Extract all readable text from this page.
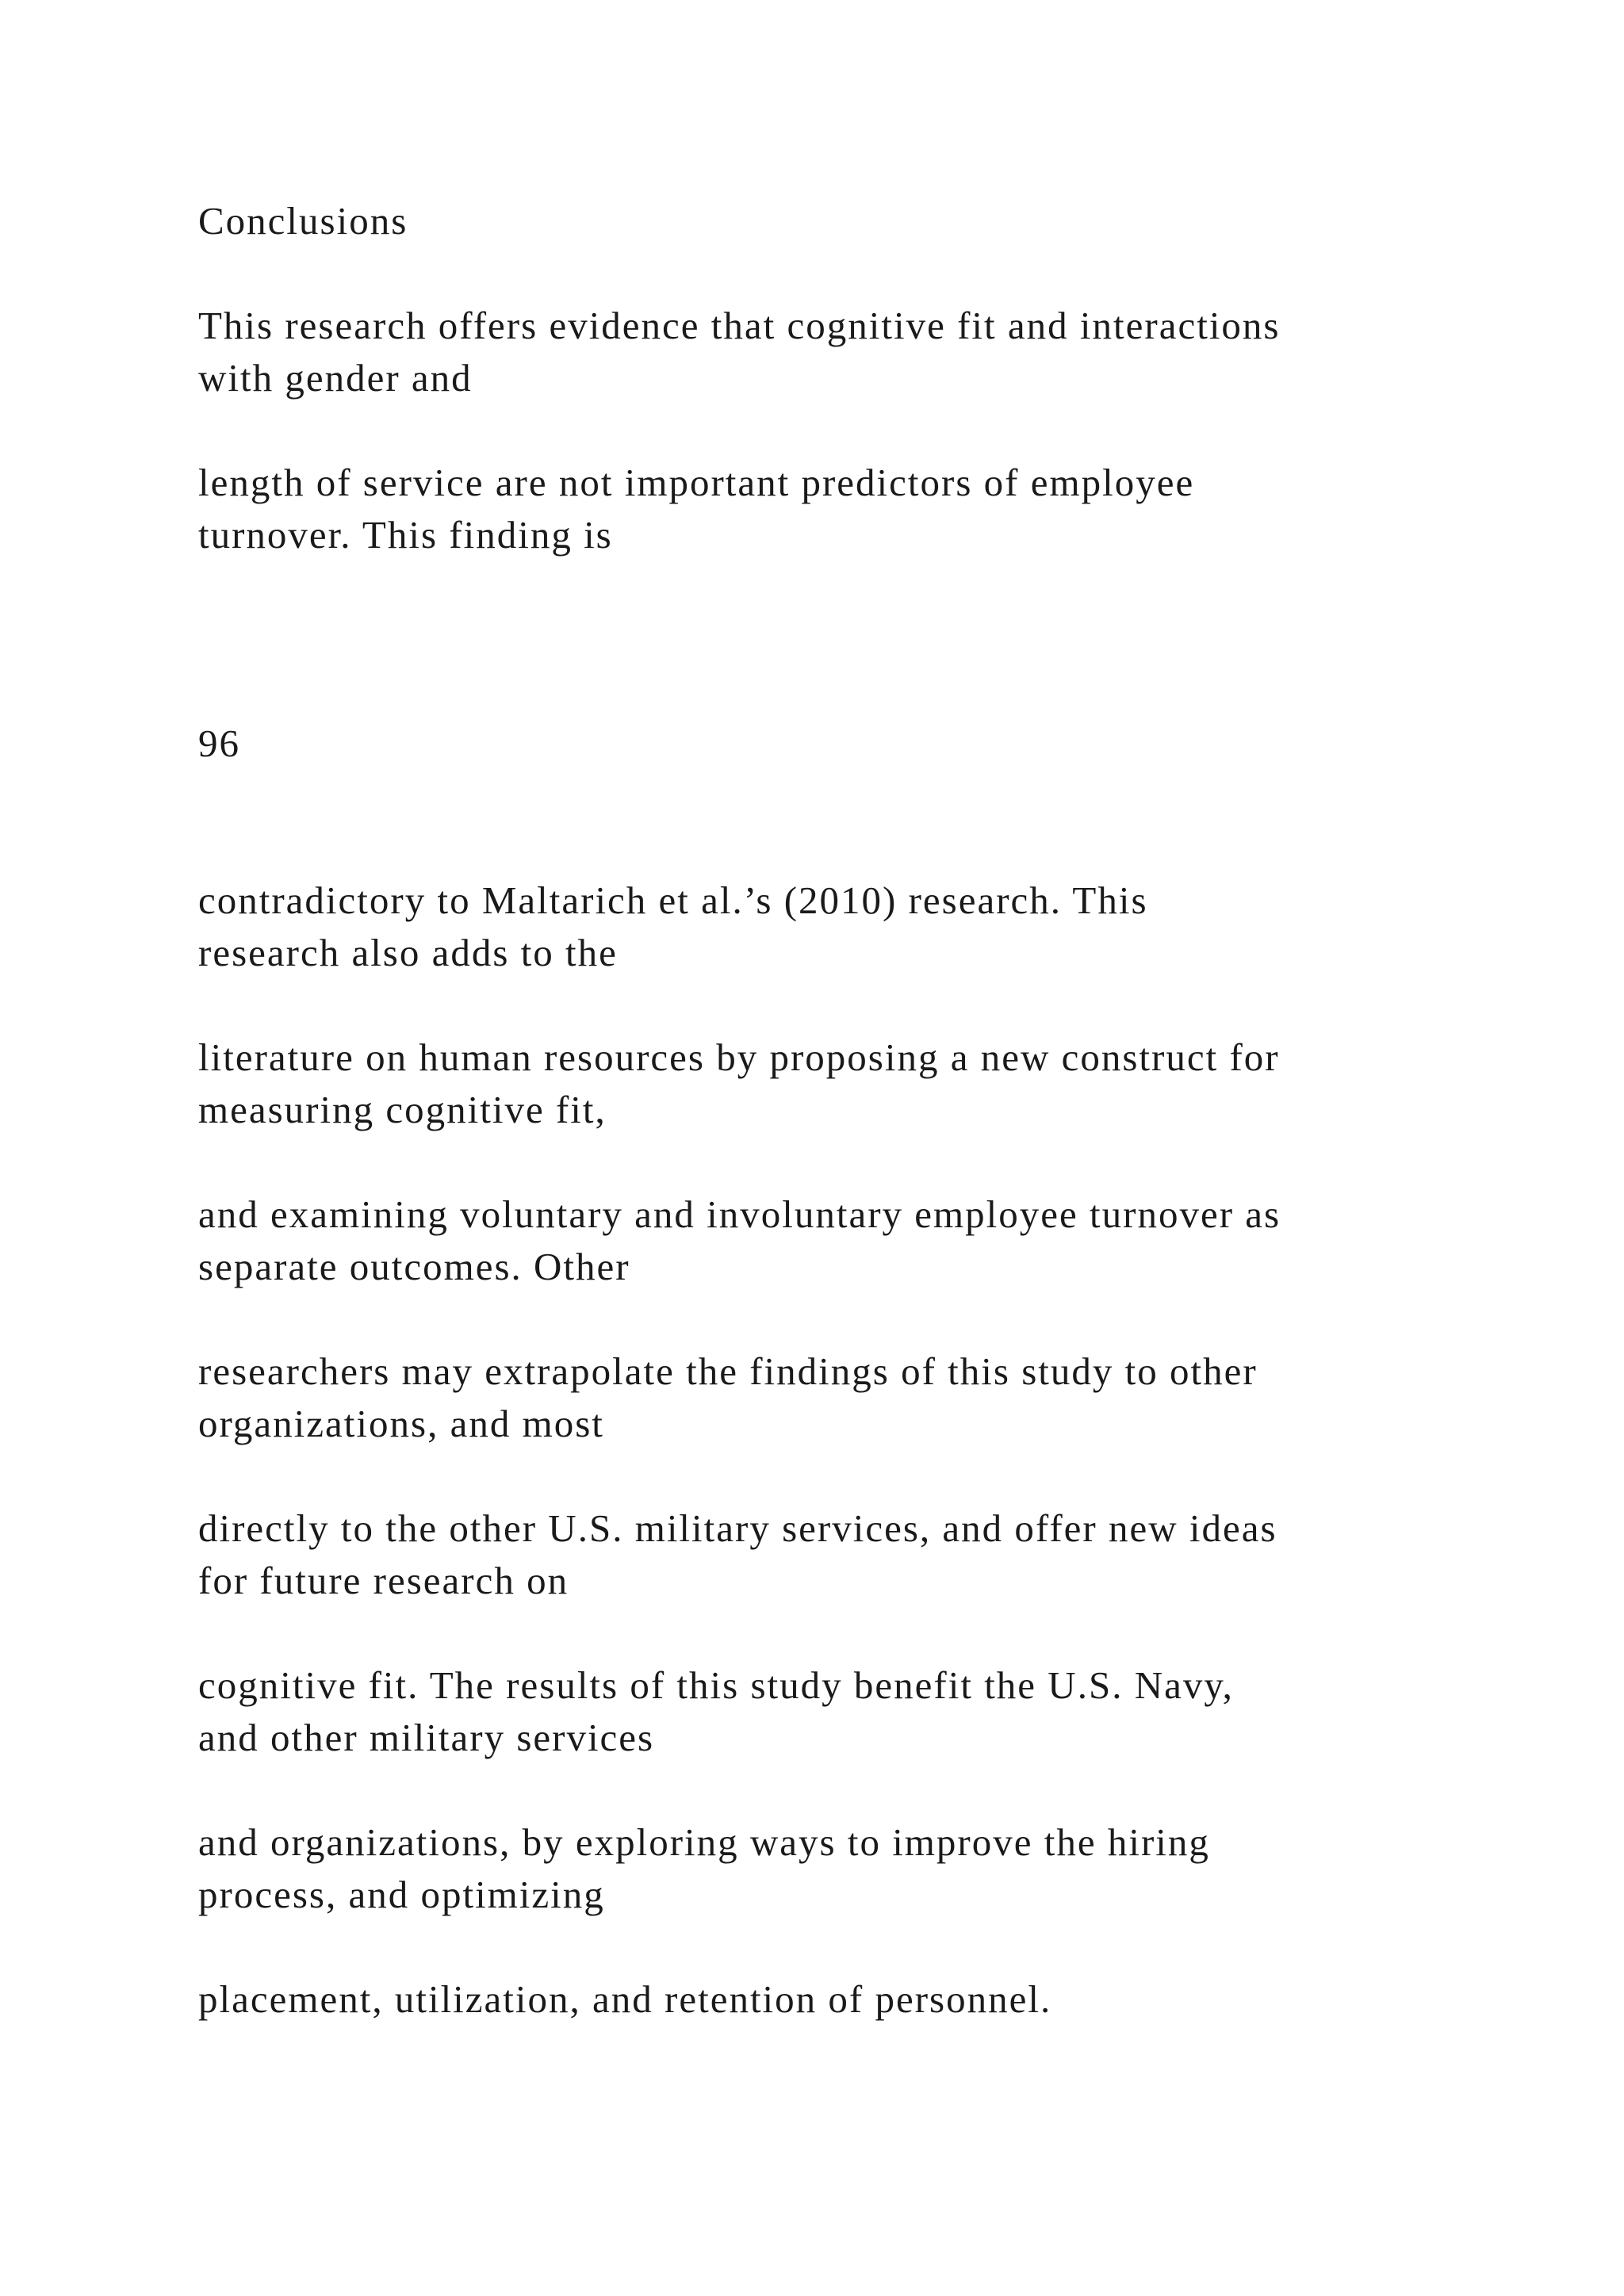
Conclusions

This research offers evidence that cognitive fit and interactions
with gender and

length of service are not important predictors of employee
turnover. This finding is

96

contradictory to Maltarich et al.’s (2010) research. This
research also adds to the

literature on human resources by proposing a new construct for
measuring cognitive fit,

and examining voluntary and involuntary employee turnover as
separate outcomes. Other

researchers may extrapolate the findings of this study to other
organizations, and most

directly to the other U.S. military services, and offer new ideas
for future research on

cognitive fit. The results of this study benefit the U.S. Navy,
and other military services

and organizations, by exploring ways to improve the hiring
process, and optimizing

placement, utilization, and retention of personnel.
